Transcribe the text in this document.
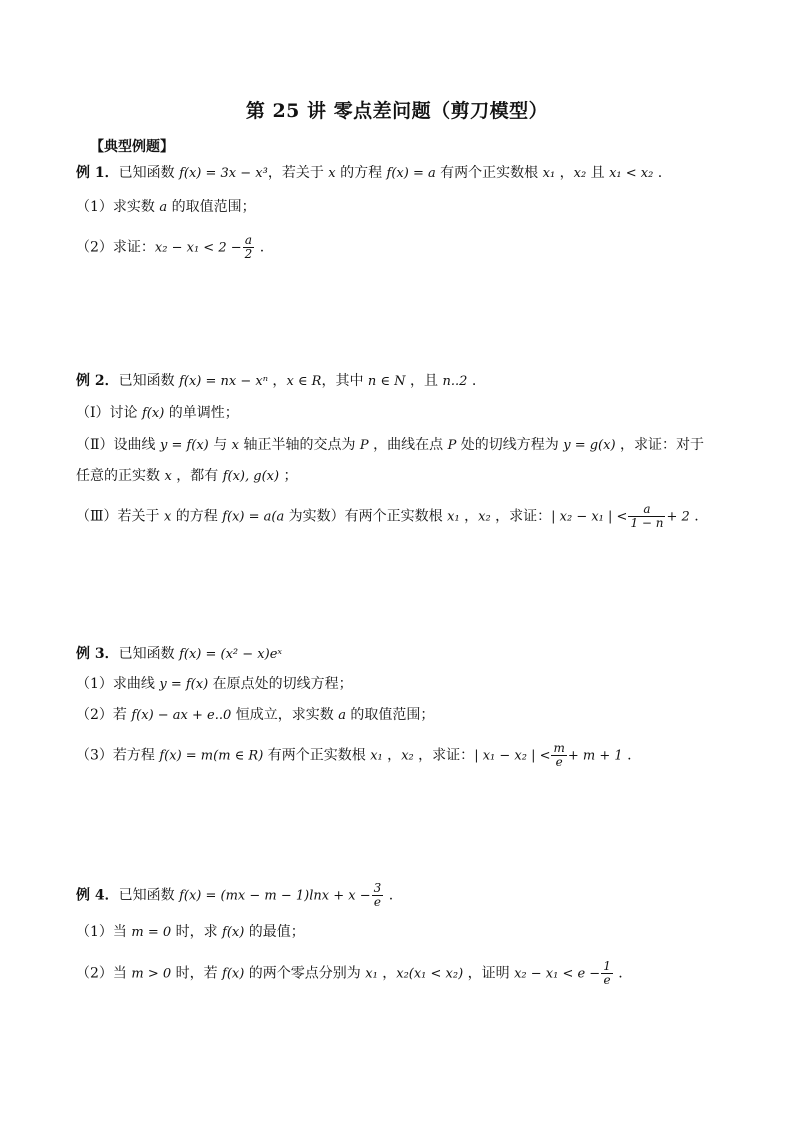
第 25 讲 零点差问题（剪刀模型）
【典型例题】
例 1．已知函数 f(x) = 3x − x³，若关于 x 的方程 f(x) = a 有两个正实数根 x₁ ，x₂ 且 x₁ < x₂ .
（1）求实数 a 的取值范围；
（2）求证：$x_2 - x_1 < 2 - \frac{a}{2}$ .
例 2．已知函数 f(x) = nx − xⁿ ，x ∈ R，其中 n ∈ N ，且 n..2 .
（Ⅰ）讨论 f(x) 的单调性；
（Ⅱ）设曲线 y = f(x) 与 x 轴正半轴的交点为 P ，曲线在点 P 处的切线方程为 y = g(x) ，求证：对于
任意的正实数 x ，都有 f(x)‚ g(x) ；
（Ⅲ）若关于 x 的方程 f(x) = a(a 为实数）有两个正实数根 x₁ ，x₂ ，求证：| x₂ − x₁ | < $\frac{a}{1 - n} + 2$ .
例 3．已知函数 f(x) = (x² − x)eˣ
（1）求曲线 y = f(x) 在原点处的切线方程；
（2）若 f(x) − ax + e..0 恒成立，求实数 a 的取值范围；
（3）若方程 f(x) = m(m ∈ R) 有两个正实数根 x₁ ，x₂ ，求证：| x₁ − x₂ | < $\frac{m}{e} + m + 1$ .
例 4．已知函数 $f(x) = (mx - m - 1)\ln x + x - \frac{3}{e}$ .
（1）当 m = 0 时，求 f(x) 的最值；
（2）当 m > 0 时，若 f(x) 的两个零点分别为 x₁ ，x₂(x₁ < x₂) ，证明 $x_2 - x_1 < e - \frac{1}{e}$ .
